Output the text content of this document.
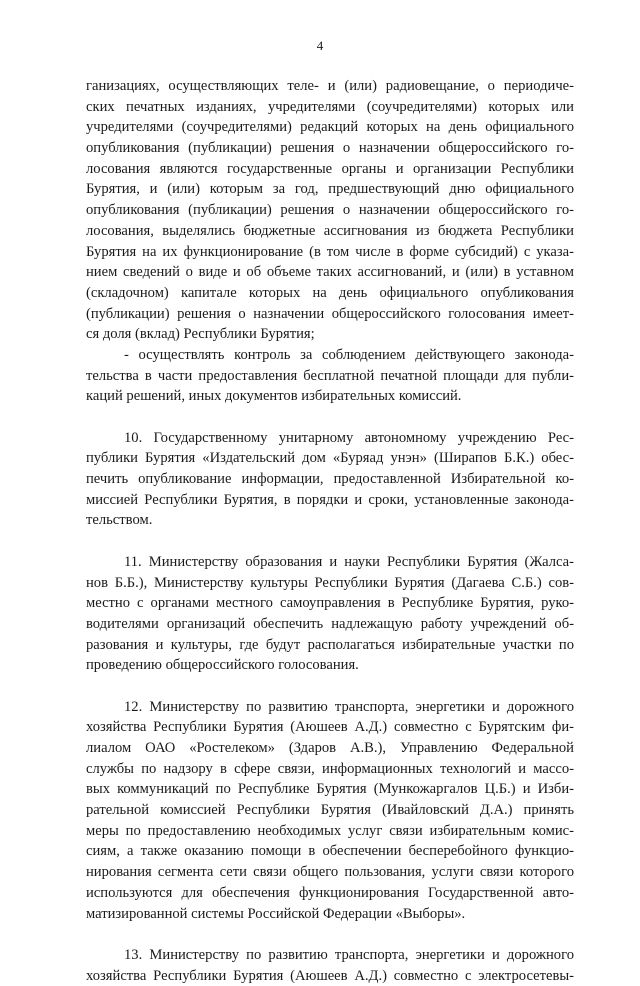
4
ганизациях, осуществляющих теле- и (или) радиовещание, о периодиче-
ских печатных изданиях, учредителями (соучредителями) которых или
учредителями (соучредителями) редакций которых на день официального
опубликования (публикации) решения о назначении общероссийского го-
лосования являются государственные органы и организации Республики
Бурятия, и (или) которым за год, предшествующий дню официального
опубликования (публикации) решения о назначении общероссийского го-
лосования, выделялись бюджетные ассигнования из бюджета Республики
Бурятия на их функционирование (в том числе в форме субсидий) с указа-
нием сведений о виде и об объеме таких ассигнований, и (или) в уставном
(складочном) капитале которых на день официального опубликования
(публикации) решения о назначении общероссийского голосования имеет-
ся доля (вклад) Республики Бурятия;
- осуществлять контроль за соблюдением действующего законода-
тельства в части предоставления бесплатной печатной площади для публи-
каций решений, иных документов избирательных комиссий.
10. Государственному унитарному автономному учреждению Рес-
публики Бурятия «Издательский дом «Буряад унэн» (Ширапов Б.К.) обес-
печить опубликование информации, предоставленной Избирательной ко-
миссией Республики Бурятия, в порядки и сроки, установленные законода-
тельством.
11. Министерству образования и науки Республики Бурятия (Жалса-
нов Б.Б.), Министерству культуры Республики Бурятия (Дагаева С.Б.) сов-
местно с органами местного самоуправления в Республике Бурятия, руко-
водителями организаций обеспечить надлежащую работу учреждений об-
разования и культуры, где будут располагаться избирательные участки по
проведению общероссийского голосования.
12. Министерству по развитию транспорта, энергетики и дорожного
хозяйства Республики Бурятия (Аюшеев А.Д.) совместно с Бурятским фи-
лиалом ОАО «Ростелеком» (Здаров А.В.), Управлению Федеральной
службы по надзору в сфере связи, информационных технологий и массо-
вых коммуникаций по Республике Бурятия (Мункожаргалов Ц.Б.) и Изби-
рательной комиссией Республики Бурятия (Ивайловский Д.А.) принять
меры по предоставлению необходимых услуг связи избирательным комис-
сиям, а также оказанию помощи в обеспечении бесперебойного функцио-
нирования сегмента сети связи общего пользования, услуги связи которого
используются для обеспечения функционирования Государственной авто-
матизированной системы Российской Федерации «Выборы».
13. Министерству по развитию транспорта, энергетики и дорожного
хозяйства Республики Бурятия (Аюшеев А.Д.) совместно с электросетевы-
